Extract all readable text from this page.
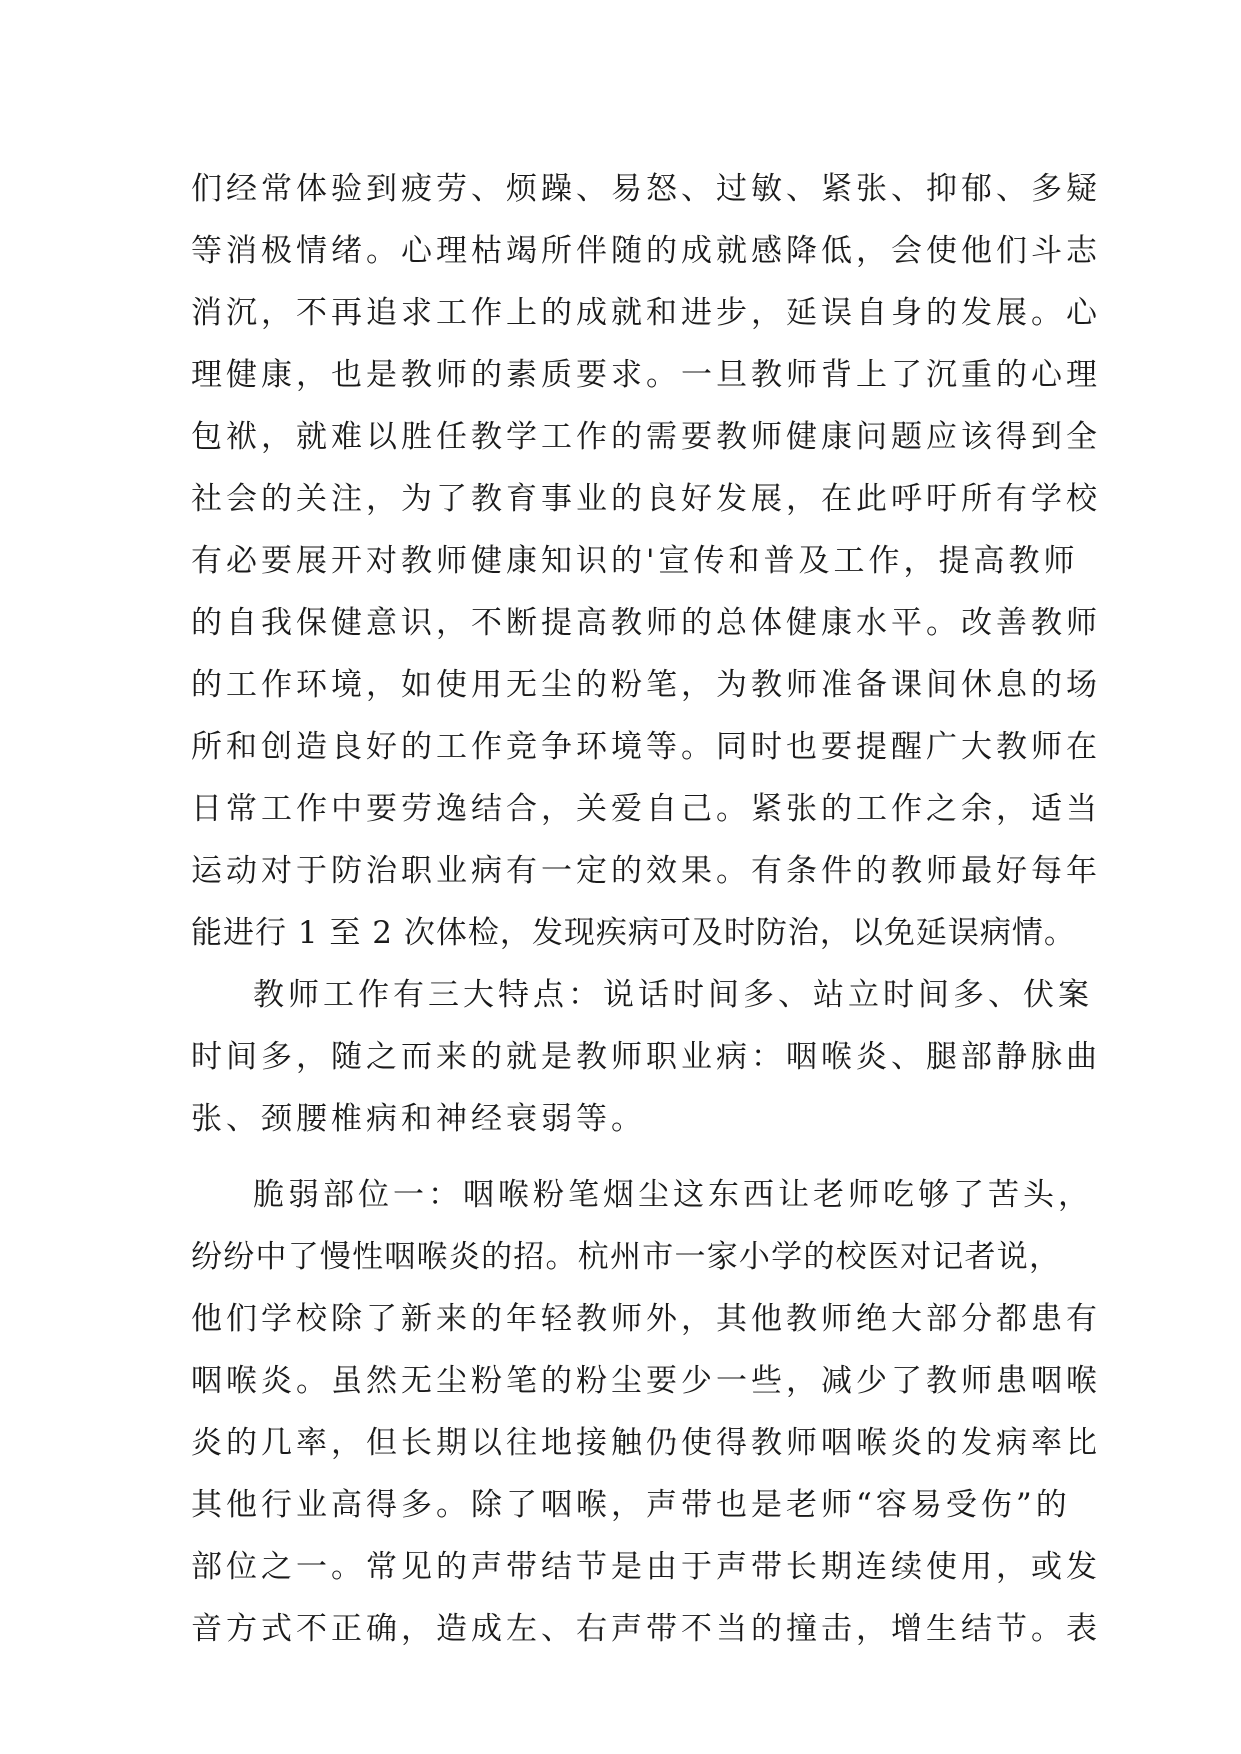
们经常体验到疲劳、烦躁、易怒、过敏、紧张、抑郁、多疑
等消极情绪。心理枯竭所伴随的成就感降低，会使他们斗志
消沉，不再追求工作上的成就和进步，延误自身的发展。心
理健康，也是教师的素质要求。一旦教师背上了沉重的心理
包袱，就难以胜任教学工作的需要教师健康问题应该得到全
社会的关注，为了教育事业的良好发展，在此呼吁所有学校
有必要展开对教师健康知识的'宣传和普及工作，提高教师
的自我保健意识，不断提高教师的总体健康水平。改善教师
的工作环境，如使用无尘的粉笔，为教师准备课间休息的场
所和创造良好的工作竞争环境等。同时也要提醒广大教师在
日常工作中要劳逸结合，关爱自己。紧张的工作之余，适当
运动对于防治职业病有一定的效果。有条件的教师最好每年
能进行 1 至 2 次体检，发现疾病可及时防治，以免延误病情。
教师工作有三大特点：说话时间多、站立时间多、伏案
时间多，随之而来的就是教师职业病：咽喉炎、腿部静脉曲
张、颈腰椎病和神经衰弱等。
脆弱部位一：咽喉粉笔烟尘这东西让老师吃够了苦头，
纷纷中了慢性咽喉炎的招。杭州市一家小学的校医对记者说，
他们学校除了新来的年轻教师外，其他教师绝大部分都患有
咽喉炎。虽然无尘粉笔的粉尘要少一些，减少了教师患咽喉
炎的几率，但长期以往地接触仍使得教师咽喉炎的发病率比
其他行业高得多。除了咽喉，声带也是老师“容易受伤”的
部位之一。常见的声带结节是由于声带长期连续使用，或发
音方式不正确，造成左、右声带不当的撞击，增生结节。表
